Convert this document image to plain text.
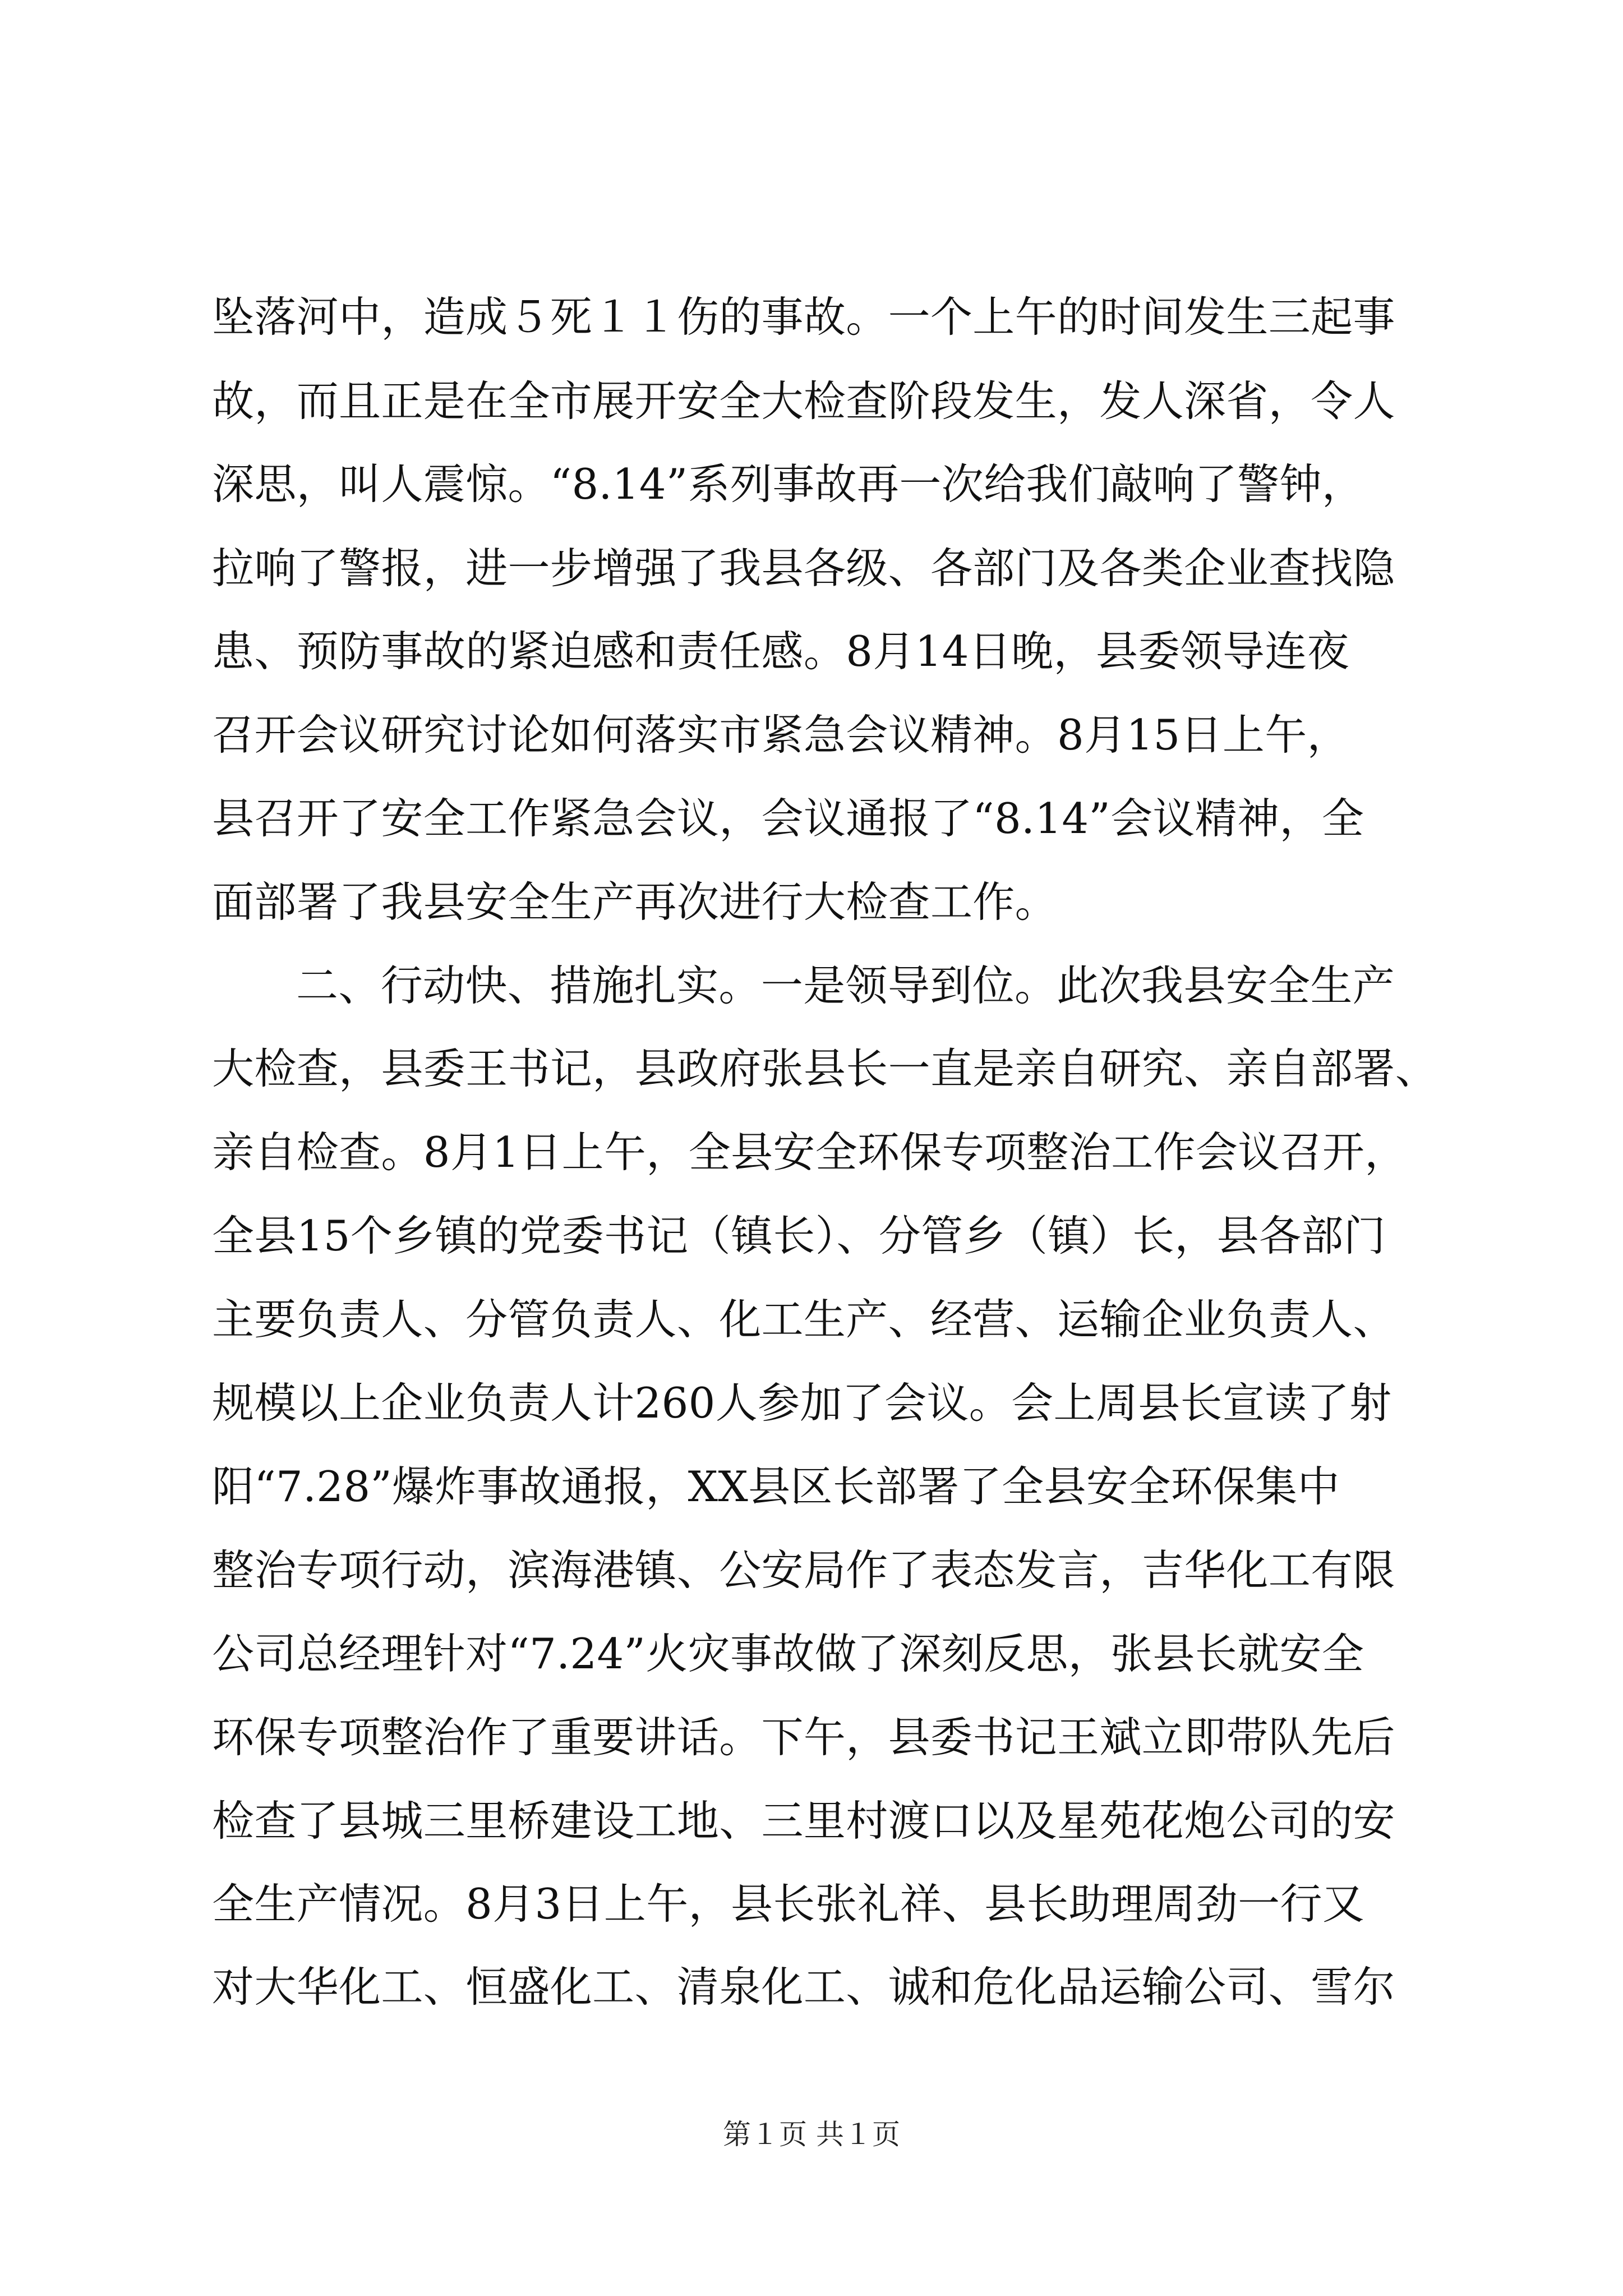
坠落河中，造成５死１１伤的事故。一个上午的时间发生三起事
故，而且正是在全市展开安全大检查阶段发生，发人深省，令人
深思，叫人震惊。“8.14”系列事故再一次给我们敲响了警钟，
拉响了警报，进一步增强了我县各级、各部门及各类企业查找隐
患、预防事故的紧迫感和责任感。8月14日晚，县委领导连夜
召开会议研究讨论如何落实市紧急会议精神。8月15日上午，
县召开了安全工作紧急会议，会议通报了“8.14”会议精神，全
面部署了我县安全生产再次进行大检查工作。
二、行动快、措施扎实。一是领导到位。此次我县安全生产
大检查，县委王书记，县政府张县长一直是亲自研究、亲自部署、
亲自检查。8月1日上午，全县安全环保专项整治工作会议召开，
全县15个乡镇的党委书记（镇长）、分管乡（镇）长，县各部门
主要负责人、分管负责人、化工生产、经营、运输企业负责人、
规模以上企业负责人计260人参加了会议。会上周县长宣读了射
阳“7.28”爆炸事故通报，XX县区长部署了全县安全环保集中
整治专项行动，滨海港镇、公安局作了表态发言，吉华化工有限
公司总经理针对“7.24”火灾事故做了深刻反思，张县长就安全
环保专项整治作了重要讲话。下午，县委书记王斌立即带队先后
检查了县城三里桥建设工地、三里村渡口以及星苑花炮公司的安
全生产情况。8月3日上午，县长张礼祥、县长助理周劲一行又
对大华化工、恒盛化工、清泉化工、诚和危化品运输公司、雪尔
第１页 共１页
